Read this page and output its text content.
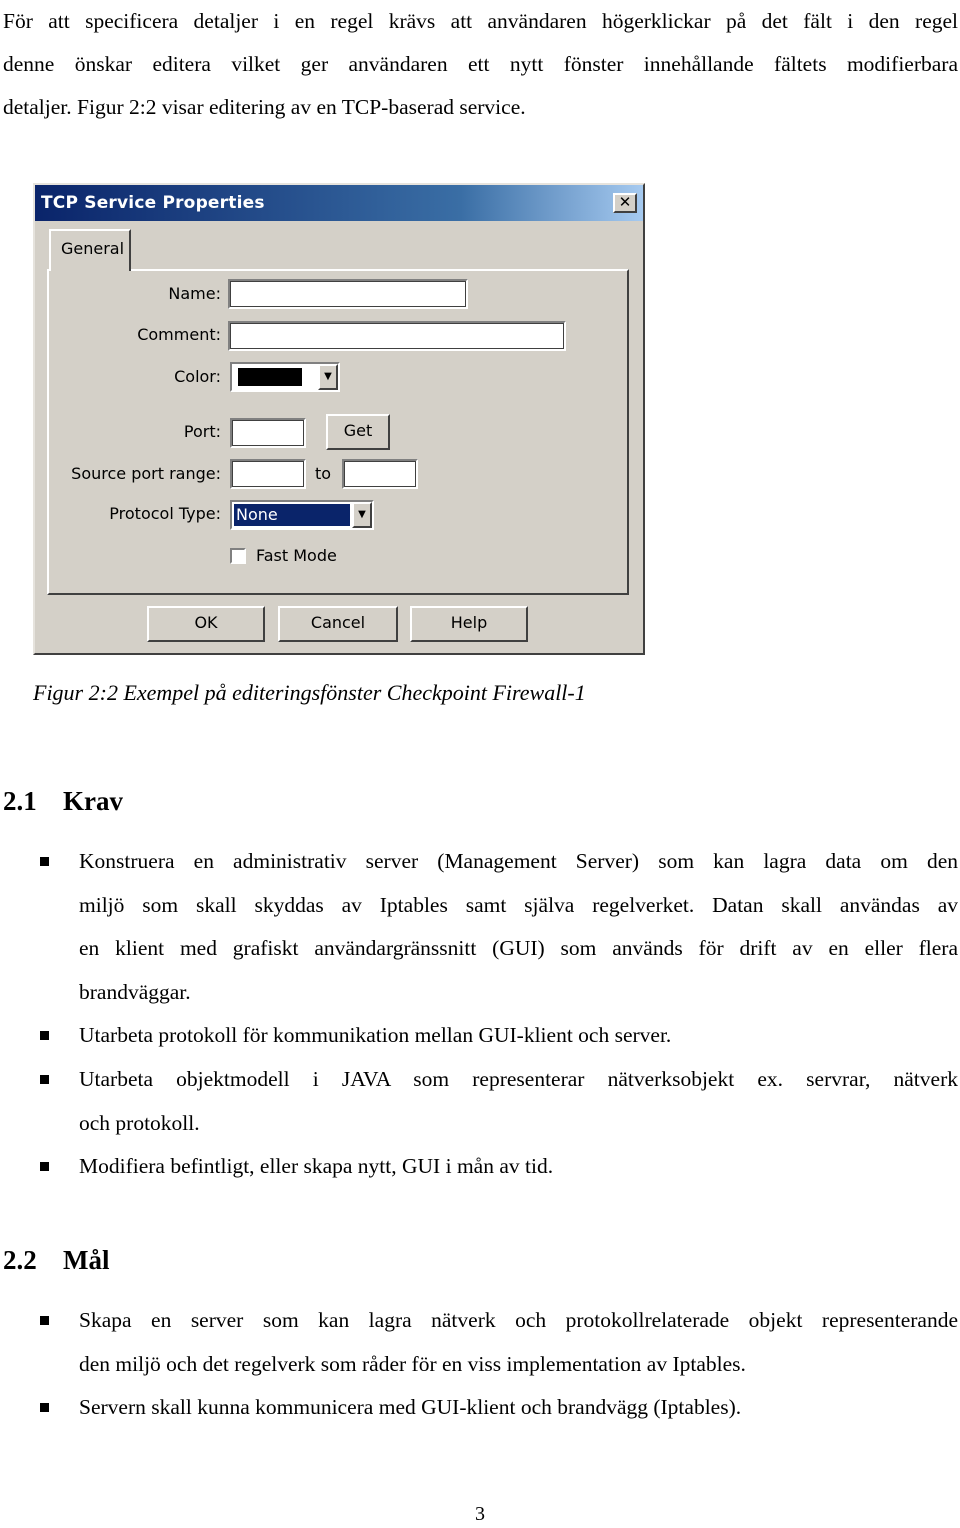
För att specificera detaljer i en regel krävs att användaren högerklickar på det fält i den regel
denne önskar editera vilket ger användaren ett nytt fönster innehållande fältets modifierbara
detaljer. Figur 2:2 visar editering av en TCP-baserad service.
TCP Service Properties	✕
General
Name:
Comment:
Color:	▼
Port:	Get
Source port range:	to
Protocol Type: None	▼
Fast Mode
OK	Cancel	Help
Figur 2:2 Exempel på editeringsfönster Checkpoint Firewall-1
2.1 Krav
Konstruera en administrativ server (Management Server) som kan lagra data om den
miljö som skall skyddas av Iptables samt själva regelverket. Datan skall användas av
en klient med grafiskt användargränssnitt (GUI) som används för drift av en eller flera
brandväggar.
Utarbeta protokoll för kommunikation mellan GUI-klient och server.
Utarbeta objektmodell i JAVA som representerar nätverksobjekt ex. servrar, nätverk
och protokoll.
Modifiera befintligt, eller skapa nytt, GUI i mån av tid.
2.2 Mål
Skapa en server som kan lagra nätverk och protokollrelaterade objekt representerande
den miljö och det regelverk som råder för en viss implementation av Iptables.
Servern skall kunna kommunicera med GUI-klient och brandvägg (Iptables).
3
